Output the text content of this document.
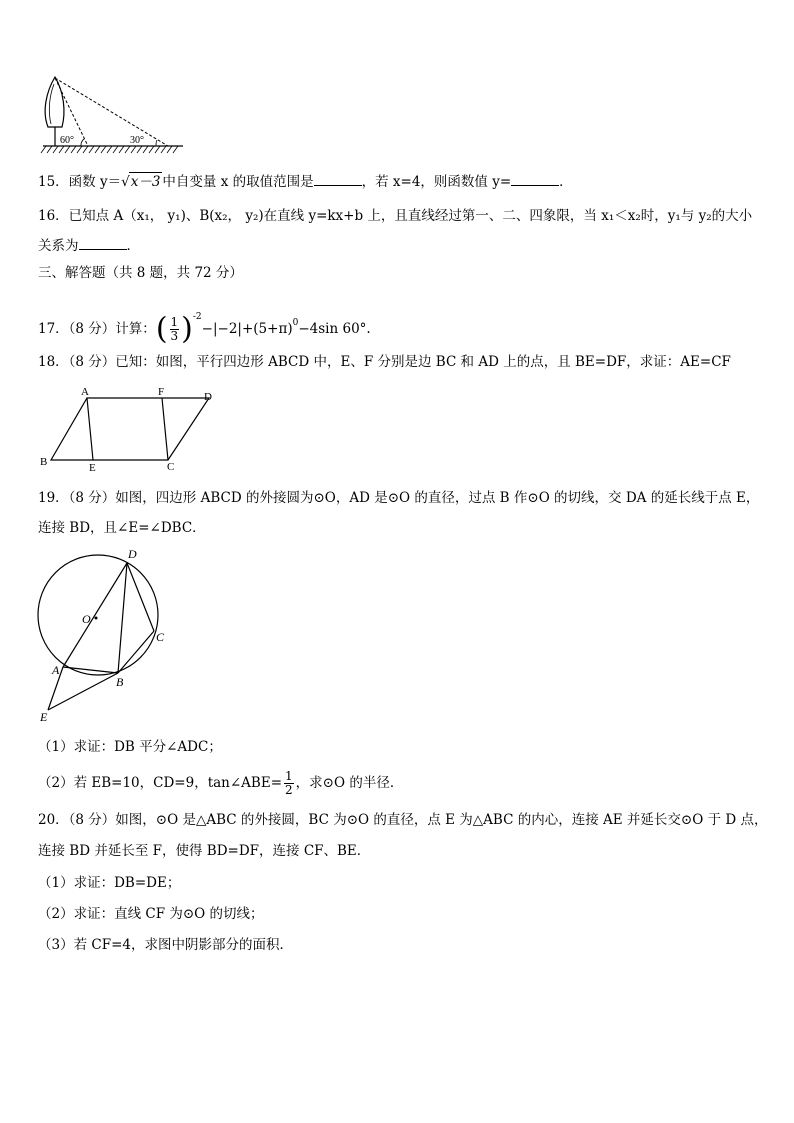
60°	30°
15．函数 y＝√x－3 中自变量 x 的取值范围是	，若 x=4，则函数值 y=	．
16．已知点 A（x₁， y₁)、B(x₂， y₂)在直线 y=kx+b 上，且直线经过第一、二、四象限，当 x₁＜x₂时，y₁与 y₂的大小
关系为	．
三、解答题（共 8 题，共 72 分）
17．（8 分）计算：( $\frac{1}{3} )^{-2}-|-2|+(5+\pi)^0-4\sin$ 60°.
18．（8 分）已知：如图，平行四边形 ABCD 中，E、F 分别是边 BC 和 AD 上的点，且 BE=DF，求证：AE=CF
A	F	D
B	E	C
19．（8 分）如图，四边形 ABCD 的外接圆为⊙O，AD 是⊙O 的直径，过点 B 作⊙O 的切线，交 DA 的延长线于点 E，
连接 BD，且∠E=∠DBC．
D
O
C
A
B
E
（1）求证：DB 平分∠ADC；
（2）若 EB=10，CD=9，tan∠ABE= $\frac{1}{2}$ ，求⊙O 的半径．
20．（8 分）如图，⊙O 是△ABC 的外接圆，BC 为⊙O 的直径，点 E 为△ABC 的内心，连接 AE 并延长交⊙O 于 D 点，
连接 BD 并延长至 F，使得 BD=DF，连接 CF、BE．
（1）求证：DB=DE；
（2）求证：直线 CF 为⊙O 的切线；
（3）若 CF=4，求图中阴影部分的面积．
